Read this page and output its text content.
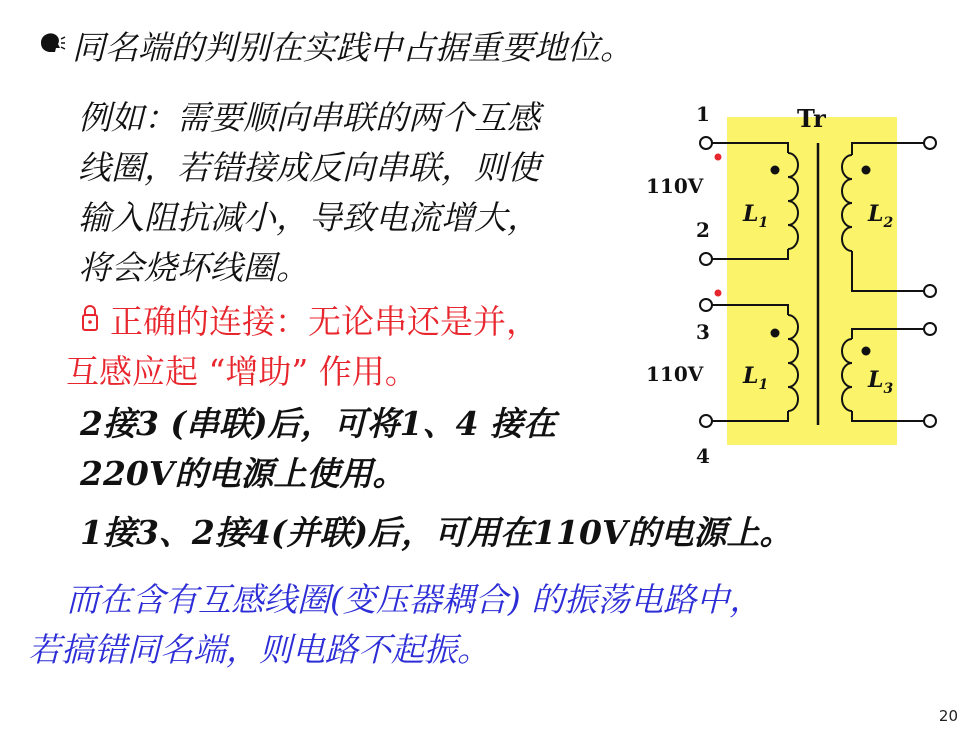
同名端的判别在实践中占据重要地位。
例如：需要顺向串联的两个互感
线圈，若错接成反向串联，则使
输入阻抗减小，导致电流增大，
将会烧坏线圈。
正确的连接：无论串还是并，
互感应起 “增助” 作用。
2接3 (串联)后，可将1、4 接在
220V的电源上使用。
1接3、2接4(并联)后，可用在110V的电源上。
而在含有互感线圈(变压器耦合) 的振荡电路中，
若搞错同名端，则电路不起振。
20
Tr
1
110V
2
$L_1$	$L_2$
3
110V
4
$L_1$	$L_3$
